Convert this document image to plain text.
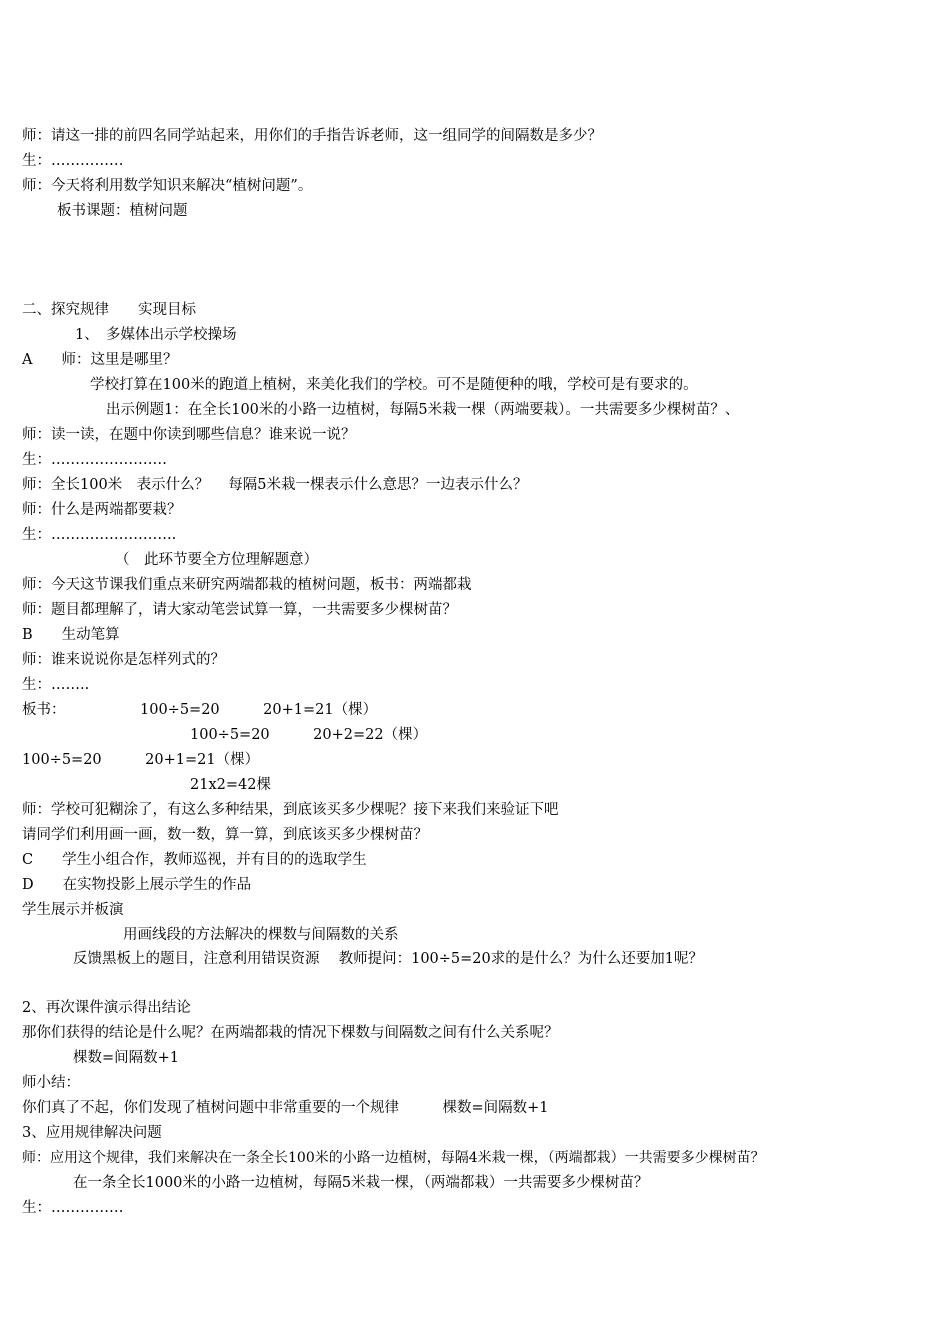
师：请这一排的前四名同学站起来，用你们的手指告诉老师，这一组同学的间隔数是多少？
生：……………
师：今天将利用数学知识来解决“植树问题”。
板书课题：植树问题
二、探究规律　　实现目标
1、　多媒体出示学校操场
A　　师：这里是哪里？
学校打算在100米的跑道上植树，来美化我们的学校。可不是随便种的哦，学校可是有要求的。
出示例题1：在全长100米的小路一边植树，每隔5米栽一棵（两端要栽）。一共需要多少棵树苗？、
师：读一读，在题中你读到哪些信息？谁来说一说？
生：……………………
师：全长100米　表示什么？　 每隔5米栽一棵表示什么意思？一边表示什么？
师：什么是两端都要栽？
生：……………………..
（　此环节要全方位理解题意）
师：今天这节课我们重点来研究两端都栽的植树问题，板书：两端都栽
师：题目都理解了，请大家动笔尝试算一算，一共需要多少棵树苗？
B　　生动笔算
师：谁来说说你是怎样列式的？
生：……..
板书：	100÷5=20　　　20+1=21（棵）
100÷5=20　　　20+2=22（棵）
100÷5=20　　　20+1=21（棵）
21x2=42棵
师：学校可犯糊涂了，有这么多种结果，到底该买多少棵呢？接下来我们来验证下吧
请同学们利用画一画，数一数，算一算，到底该买多少棵树苗？
C　　学生小组合作，教师巡视，并有目的的选取学生
D　　在实物投影上展示学生的作品
学生展示并板演
用画线段的方法解决的棵数与间隔数的关系
反馈黑板上的题目，注意利用错误资源　 教师提问：100÷5=20求的是什么？为什么还要加1呢？
2、再次课件演示得出结论
那你们获得的结论是什么呢？在两端都栽的情况下棵数与间隔数之间有什么关系呢？
棵数=间隔数+1
师小结：
你们真了不起，你们发现了植树问题中非常重要的一个规律　　　棵数=间隔数+1
3、应用规律解决问题
师：应用这个规律，我们来解决在一条全长100米的小路一边植树，每隔4米栽一棵，（两端都栽）一共需要多少棵树苗？
在一条全长1000米的小路一边植树，每隔5米栽一棵，（两端都栽）一共需要多少棵树苗？
生：……………
